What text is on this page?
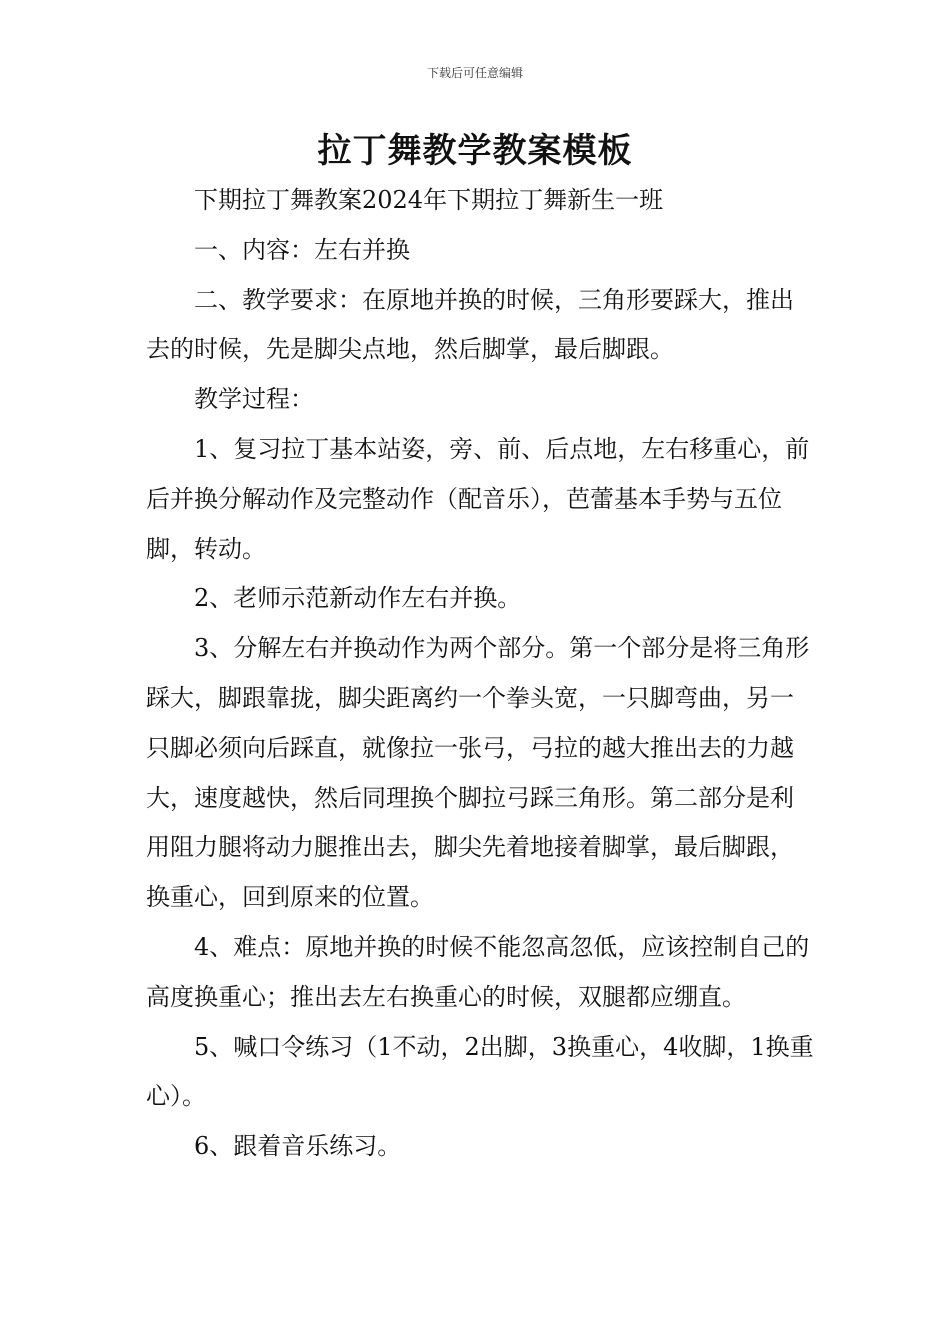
下载后可任意编辑
拉丁舞教学教案模板

下期拉丁舞教案2024年下期拉丁舞新生一班

一、内容：左右并换

二、教学要求：在原地并换的时候，三角形要踩大，推出去的时候，先是脚尖点地，然后脚掌，最后脚跟。

教学过程：

1、复习拉丁基本站姿，旁、前、后点地，左右移重心，前后并换分解动作及完整动作（配音乐），芭蕾基本手势与五位脚，转动。

2、老师示范新动作左右并换。

3、分解左右并换动作为两个部分。第一个部分是将三角形踩大，脚跟靠拢，脚尖距离约一个拳头宽，一只脚弯曲，另一只脚必须向后踩直，就像拉一张弓，弓拉的越大推出去的力越大，速度越快，然后同理换个脚拉弓踩三角形。第二部分是利用阻力腿将动力腿推出去，脚尖先着地接着脚掌，最后脚跟，换重心，回到原来的位置。

4、难点：原地并换的时候不能忽高忽低，应该控制自己的高度换重心；推出去左右换重心的时候，双腿都应绷直。

5、喊口令练习（1不动，2出脚，3换重心，4收脚，1换重心）。

6、跟着音乐练习。
